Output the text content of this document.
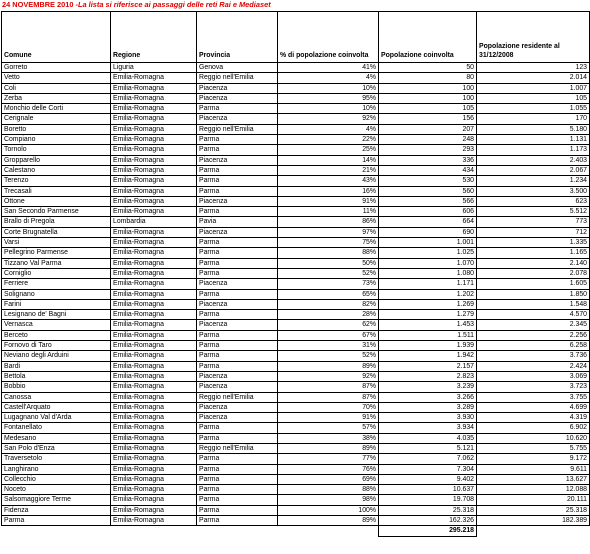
24 NOVEMBRE 2010 -La lista si riferisce ai passaggi delle reti Rai e Mediaset
Comune	Regione	Provincia	% di popolazione coinvolta	Popolazione coinvolta	Popolazione residente al 31/12/2008
Gorreto	Liguria	Genova	41%	50	123
Vetto	Emilia-Romagna	Reggio nell'Emilia	4%	80	2.014
Coli	Emilia-Romagna	Piacenza	10%	100	1.007
Zerba	Emilia-Romagna	Piacenza	95%	100	105
Monchio delle Corti	Emilia-Romagna	Parma	10%	105	1.055
Cerignale	Emilia-Romagna	Piacenza	92%	156	170
Boretto	Emilia-Romagna	Reggio nell'Emilia	4%	207	5.180
Compiano	Emilia-Romagna	Parma	22%	248	1.131
Tornolo	Emilia-Romagna	Parma	25%	293	1.173
Gropparello	Emilia-Romagna	Piacenza	14%	336	2.403
Calestano	Emilia-Romagna	Parma	21%	434	2.067
Terenzo	Emilia-Romagna	Parma	43%	530	1.234
Trecasali	Emilia-Romagna	Parma	16%	560	3.500
Ottone	Emilia-Romagna	Piacenza	91%	566	623
San Secondo Parmense	Emilia-Romagna	Parma	11%	606	5.512
Brallo di Pregola	Lombardia	Pavia	86%	664	773
Corte Brugnatella	Emilia-Romagna	Piacenza	97%	690	712
Varsi	Emilia-Romagna	Parma	75%	1.001	1.335
Pellegrino Parmense	Emilia-Romagna	Parma	88%	1.025	1.165
Tizzano Val Parma	Emilia-Romagna	Parma	50%	1.070	2.140
Corniglio	Emilia-Romagna	Parma	52%	1.080	2.078
Ferriere	Emilia-Romagna	Piacenza	73%	1.171	1.605
Solignano	Emilia-Romagna	Parma	65%	1.202	1.850
Farini	Emilia-Romagna	Piacenza	82%	1.269	1.548
Lesignano de' Bagni	Emilia-Romagna	Parma	28%	1.279	4.570
Vernasca	Emilia-Romagna	Piacenza	62%	1.453	2.345
Berceto	Emilia-Romagna	Parma	67%	1.511	2.256
Fornovo di Taro	Emilia-Romagna	Parma	31%	1.939	6.258
Neviano degli Arduini	Emilia-Romagna	Parma	52%	1.942	3.736
Bardi	Emilia-Romagna	Parma	89%	2.157	2.424
Bettola	Emilia-Romagna	Piacenza	92%	2.823	3.069
Bobbio	Emilia-Romagna	Piacenza	87%	3.239	3.723
Canossa	Emilia-Romagna	Reggio nell'Emilia	87%	3.266	3.755
Castell'Arquato	Emilia-Romagna	Piacenza	70%	3.289	4.699
Lugagnano Val d'Arda	Emilia-Romagna	Piacenza	91%	3.930	4.319
Fontanellato	Emilia-Romagna	Parma	57%	3.934	6.902
Medesano	Emilia-Romagna	Parma	38%	4.035	10.620
San Polo d'Enza	Emilia-Romagna	Reggio nell'Emilia	89%	5.121	5.755
Traversetolo	Emilia-Romagna	Parma	77%	7.062	9.172
Langhirano	Emilia-Romagna	Parma	76%	7.304	9.611
Collecchio	Emilia-Romagna	Parma	69%	9.402	13.627
Noceto	Emilia-Romagna	Parma	88%	10.637	12.088
Salsomaggiore Terme	Emilia-Romagna	Parma	98%	19.708	20.111
Fidenza	Emilia-Romagna	Parma	100%	25.318	25.318
Parma	Emilia-Romagna	Parma	89%	162.326	182.389
				295.218	
